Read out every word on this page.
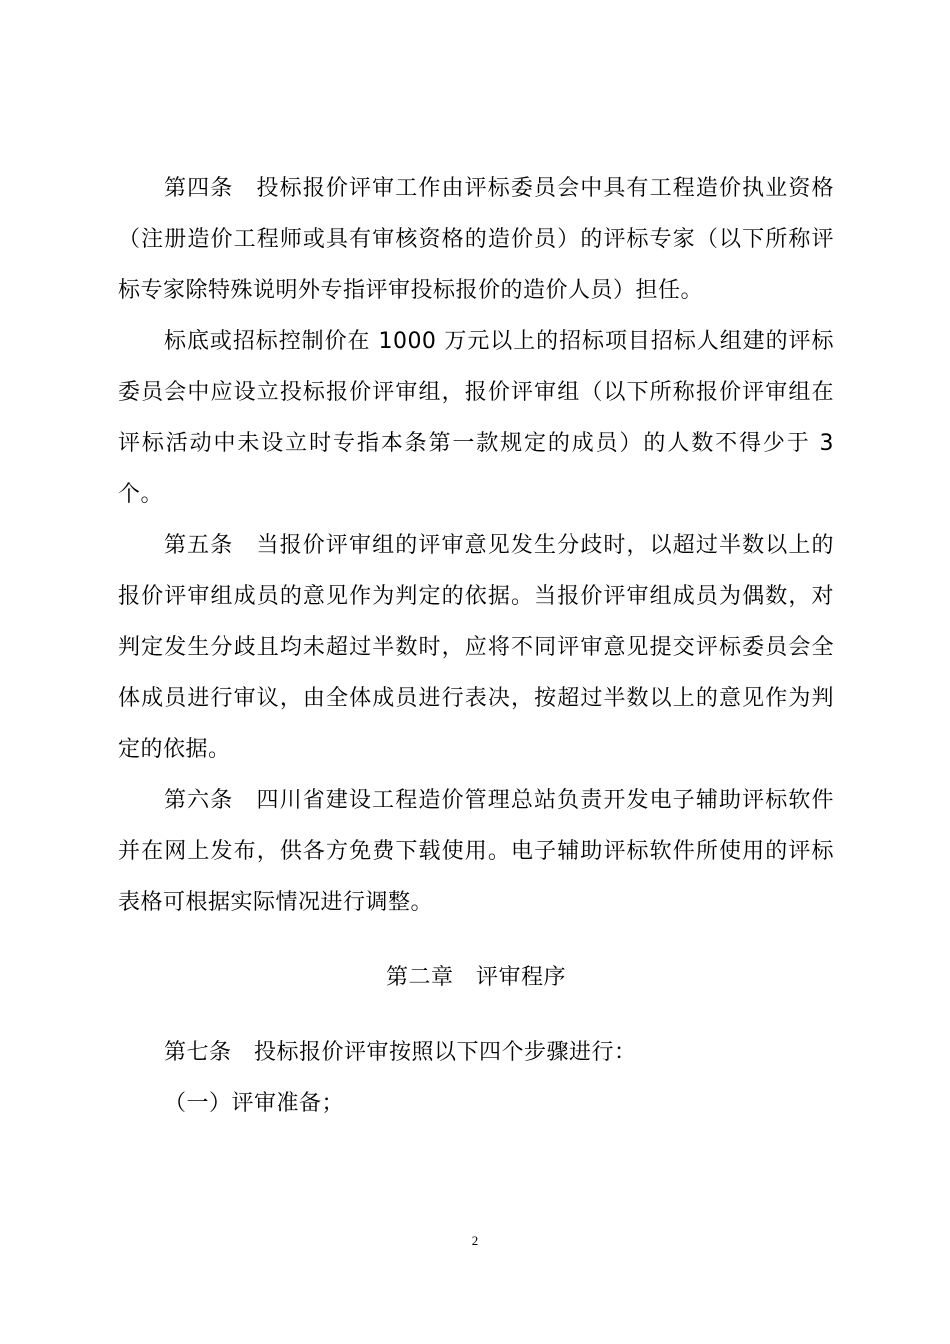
第四条　投标报价评审工作由评标委员会中具有工程造价执业资格（注册造价工程师或具有审核资格的造价员）的评标专家（以下所称评标专家除特殊说明外专指评审投标报价的造价人员）担任。

标底或招标控制价在 1000 万元以上的招标项目招标人组建的评标委员会中应设立投标报价评审组，报价评审组（以下所称报价评审组在评标活动中未设立时专指本条第一款规定的成员）的人数不得少于 3 个。

第五条　当报价评审组的评审意见发生分歧时，以超过半数以上的报价评审组成员的意见作为判定的依据。当报价评审组成员为偶数，对判定发生分歧且均未超过半数时，应将不同评审意见提交评标委员会全体成员进行审议，由全体成员进行表决，按超过半数以上的意见作为判定的依据。

第六条　四川省建设工程造价管理总站负责开发电子辅助评标软件并在网上发布，供各方免费下载使用。电子辅助评标软件所使用的评标表格可根据实际情况进行调整。

第二章　评审程序

第七条　投标报价评审按照以下四个步骤进行：

（一）评审准备；

2
